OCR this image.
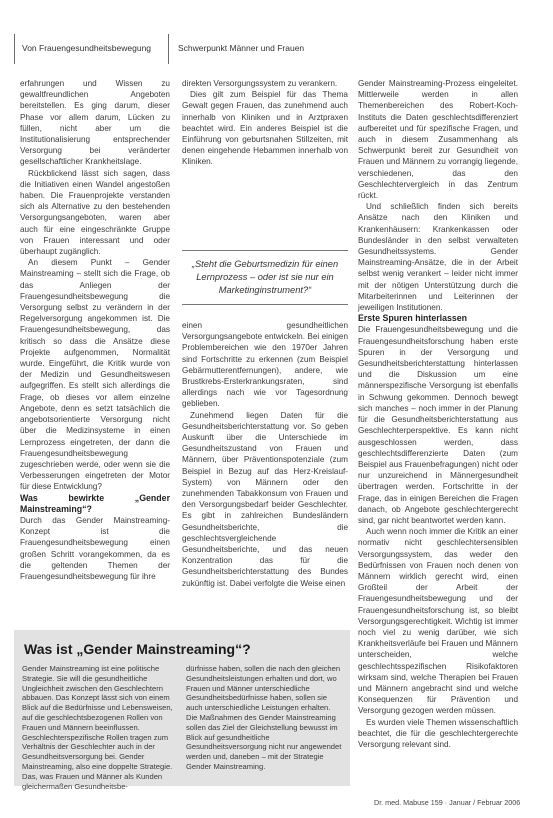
Von Frauengesundheitsbewegung	Schwerpunkt Männer und Frauen

erfahrungen und Wissen zu gewaltfreundlichen Angeboten bereitstellen. Es ging darum, dieser Phase vor allem darum, Lücken zu füllen, nicht aber um die Institutionalisierung entsprechender Versorgung bei veränderter gesellschaftlicher Krankheitslage.

Rückblickend lässt sich sagen, dass die Initiativen einen Wandel angestoßen haben. Die Frauenprojekte verstanden sich als Alternative zu den bestehenden Versorgungsangeboten, waren aber auch für eine eingeschränkte Gruppe von Frauen interessant und oder überhaupt zugänglich.

An diesem Punkt – Gender Mainstreaming – stellt sich die Frage, ob das Anliegen der Frauengesundheitsbewegung die Versorgung selbst zu verändern in der Regelversorgung angekommen ist. Die Frauengesundheitsbewegung, das kritisch so dass die Ansätze diese Projekte aufgenommen, Normalität wurde. Eingeführt, die Kritik wurde von der Medizin und Gesundheitswesen aufgegriffen. Es stellt sich allerdings die Frage, ob dieses vor allem einzelne Angebote, denn es setzt tatsächlich die angebotsorientierte Versorgung nicht über die Medizinsysteme in einen Lernprozess eingetreten, der dann die Frauengesundheitsbewegung zugeschrieben werde, oder wenn sie die Verbesserungen eingetreten der Motor für diese Entwicklung?

Was bewirkte „Gender Mainstreaming“?

Durch das Gender Mainstreaming-Konzept ist die Frauengesundheitsbewegung einen großen Schritt vorangekommen, da es die geltenden Themen der Frauengesundheitsbewegung für ihre

direkten Versorgungssystem zu verankern.

Dies gilt zum Beispiel für das Thema Gewalt gegen Frauen, das zunehmend auch innerhalb von Kliniken und in Arztpraxen beachtet wird. Ein anderes Beispiel ist die Einführung von geburtsnahen Stillzeiten, mit denen eingehende Hebammen innerhalb von Kliniken.

„Steht die Geburtsmedizin für einen Lernprozess – oder ist sie nur ein Marketinginstrument?“

einen gesundheitlichen Versorgungsangebote entwickeln. Bei einigen Problembereichen wie den 1970er Jahren sind Fortschritte zu erkennen (zum Beispiel Gebärmutterentfernungen), andere, wie Brustkrebs-Ersterkrankungsraten, sind allerdings nach wie vor Tagesordnung geblieben.

Zunehmend liegen Daten für die Gesundheitsberichterstattung vor. So geben Auskunft über die Unterschiede im Gesundheitszustand von Frauen und Männern, über Präventionspotenziale (zum Beispiel in Bezug auf das Herz-Kreislauf-System) von Männern oder den zunehmenden Tabakkonsum von Frauen und den Versorgungsbedarf beider Geschlechter. Es gibt in zahlreichen Bundesländern Gesundheitsberichte, die geschlechtsvergleichende Gesundheitsberichte, und das neuen Konzentration das für die Gesundheitsberichterstattung des Bundes zukünftig ist. Dabei verfolgte die Weise einen

Gender Mainstreaming-Prozess eingeleitet. Mittlerweile werden in allen Themenbereichen des Robert-Koch-Instituts die Daten geschlechtsdifferenziert aufbereitet und für spezifische Fragen, und auch in diesem Zusammenhang als Schwerpunkt bereit zur Gesundheit von Frauen und Männern zu vorrangig liegende, verschiedenen, das den Geschlechtervergleich in das Zentrum rückt.

Und schließlich finden sich bereits Ansätze nach den Kliniken und Krankenhäusern: Krankenkassen oder Bundesländer in den selbst verwalteten Gesundheitssystems. Gender Mainstreaming-Ansätze, die in der Arbeit selbst wenig verankert – leider nicht immer mit der nötigen Unterstützung durch die Mitarbeiterinnen und Leiterinnen der jeweiligen Institutionen.

Erste Spuren hinterlassen

Die Frauengesundheitsbewegung und die Frauengesundheitsforschung haben erste Spuren in der Versorgung und Gesundheitsberichterstattung hinterlassen und die Diskussion um eine männerspezifische Versorgung ist ebenfalls in Schwung gekommen. Dennoch bewegt sich manches – noch immer in der Planung für die Gesundheitsberichterstattung aus Geschlechterperspektive. Es kann nicht ausgeschlossen werden, dass geschlechtsdifferenzierte Daten (zum Beispiel aus Frauenbefragungen) nicht oder nur unzureichend in Männergesundheit übertragen werden. Fortschritte in der Frage, das in einigen Bereichen die Fragen danach, ob Angebote geschlechtergerecht sind, gar nicht beantwortet werden kann.

Auch wenn noch immer die Kritik an einer normativ nicht geschlechtersensiblen Versorgungssystem, das weder den Bedürfnissen von Frauen noch denen von Männern wirklich gerecht wird, einen Großteil der Arbeit der Frauengesundheitsbewegung und der Frauengesundheitsforschung ist, so bleibt Versorgungsgerechtigkeit. Wichtig ist immer noch viel zu wenig darüber, wie sich Krankheitsverläufe bei Frauen und Männern unterscheiden, welche geschlechtsspezifischen Risikofaktoren wirksam sind, welche Therapien bei Frauen und Männern angebracht sind und welche Konsequenzen für Prävention und Versorgung gezogen werden müssen.

Es wurden viele Themen wissenschaftlich beachtet, die für die geschlechtergerechte Versorgung relevant sind.

Was ist „Gender Mainstreaming“?
Gender Mainstreaming ist eine politische Strategie. Sie will die gesundheitliche Ungleichheit zwischen den Geschlechtern abbauen. Das Konzept lässt sich von einem Blick auf die Bedürfnisse und Lebensweisen, auf die geschlechtsbezogenen Rollen von Frauen und Männern beeinflussen. Geschlechterspezifische Rollen tragen zum Verhältnis der Geschlechter auch in der Gesundheitsversorgung bei. Gender Mainstreaming, also eine doppelte Strategie. Das, was Frauen und Männer als Kunden gleichermaßen Gesundheitsbe-
dürfnisse haben, sollen die nach den gleichen Gesundheitsleistungen erhalten und dort, wo Frauen und Männer unterschiedliche Gesundheitsbedürfnisse haben, sollen sie auch unterschiedliche Leistungen erhalten. Die Maßnahmen des Gender Mainstreaming sollen das Ziel der Gleichstellung bewusst im Blick auf gesundheitliche Gesundheitsversorgung nicht nur angewendet werden und, daneben – mit der Strategie Gender Mainstreaming.
Dr. med. Mabuse 159 · Januar / Februar 2006
